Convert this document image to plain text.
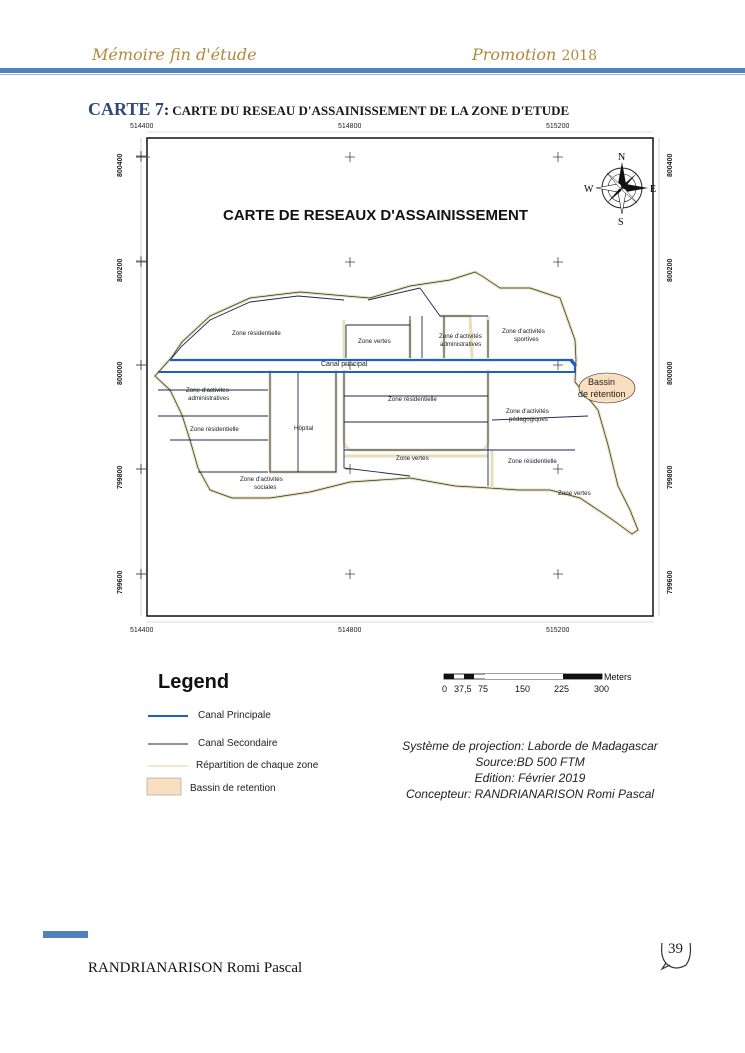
Mémoire fin d'étude	Promotion 2018
CARTE 7: CARTE DU RESEAU D'ASSAINISSEMENT DE LA ZONE D'ETUDE
514400	514800	515200
514400	514800	515200
800400
800200
800000
799800
799600
800400
800200
800000
799800
799600
N
S
E
W
CARTE DE RESEAUX D'ASSAINISSEMENT
Bassin
de rétention
Canal principal
Zone résidentielle
Zone vertes
Zone d'activités
administratives
Zone d'activités
sportives
Zone d'activites
administratives	Zone résidentielle
Zone d'activités
pédagogiques
Zone résidentielle	Hôpital
Zone vertes	Zone résidentielle
Zone d'activités
sociales
Zone vertes
Legend
Canal Principale
Canal Secondaire
Répartition de chaque zone
Bassin de retention
Meters
0 37,5 75	150	225	300
Système de projection: Laborde de Madagascar
Source:BD 500 FTM
Edition: Février 2019
Concepteur: RANDRIANARISON Romi Pascal
39
RANDRIANARISON Romi Pascal
